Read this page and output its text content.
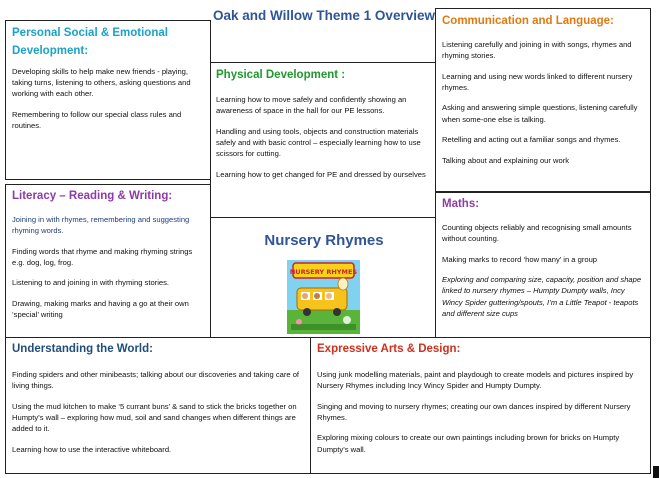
Oak and Willow Theme 1 Overview

Personal Social & Emotional Development:

Developing skills to help make new friends - playing, taking turns, listening to others, asking questions and working with each other.

Remembering to follow our special class rules and routines.

Physical Development :

Learning how to move safely and confidently showing an awareness of space in the hall for our PE lessons.

Handling and using tools, objects and construction materials safely and with basic control – especially learning how to use scissors for cutting.

Learning how to get changed for PE and dressed by ourselves

Communication and Language:

Listening carefully and joining in with songs, rhymes and rhyming stories.

Learning and using new words linked to different nursery rhymes.

Asking and answering simple questions, listening carefully when some-one else is talking.

Retelling and acting out a familiar songs and rhymes.

Talking about and explaining our work

Literacy – Reading & Writing:

Joining in with rhymes, remembering and suggesting rhyming words.

Finding words that rhyme and making rhyming strings e.g. dog, log, frog.

Listening to and joining in with rhyming stories.

Drawing, making marks and having a go at their own ‘special’ writing

Nursery Rhymes
NURSERY RHYMES

Maths:

Counting objects reliably and recognising small amounts without counting.

Making marks to record ‘how many’ in a group

Exploring and comparing size, capacity, position and shape linked to nursery rhymes – Humpty Dumpty walls, Incy Wincy Spider guttering/spouts, I’m a Little Teapot - teapots and different size cups

Understanding the World:

Finding spiders and other minibeasts; talking about our discoveries and taking care of living things.

Using the mud kitchen to make ‘5 currant buns’ & sand to stick the bricks together on Humpty’s wall – exploring how mud, soil and sand changes when different things are added to it.

Learning how to use the interactive whiteboard.

Expressive Arts & Design:

Using junk modelling materials, paint and playdough to create models and pictures inspired by Nursery Rhymes including Incy Wincy Spider and Humpty Dumpty.

Singing and moving to nursery rhymes; creating our own dances inspired by different Nursery Rhymes.

Exploring mixing colours to create our own paintings including brown for bricks on Humpty Dumpty’s wall.
